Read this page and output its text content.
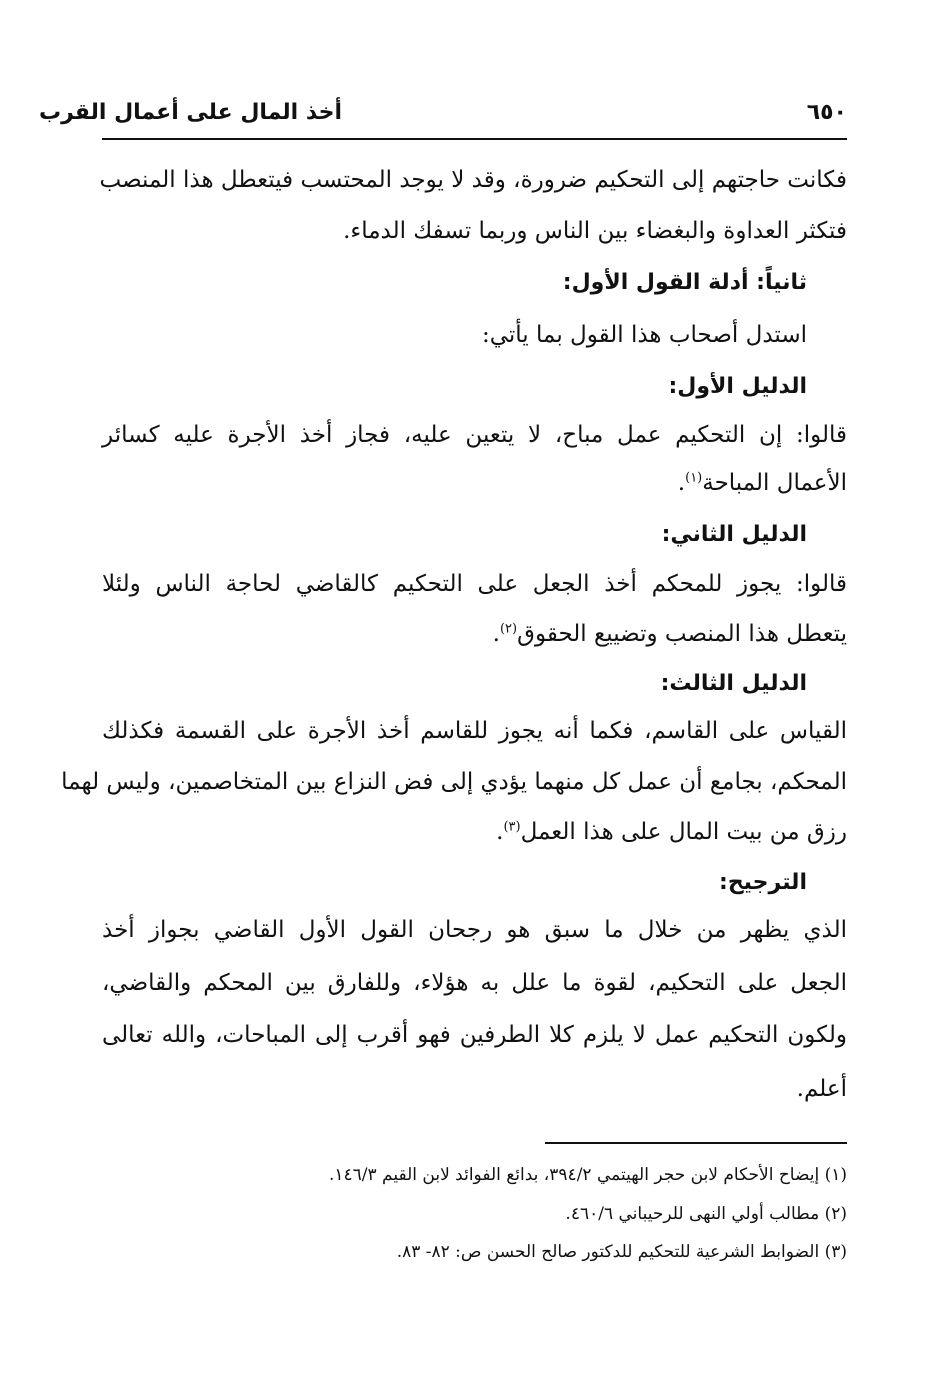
٦٥٠
أخذ المال على أعمال القرب
فكانت حاجتهم إلى التحكيم ضرورة، وقد لا يوجد المحتسب فيتعطل هذا المنصب
فتكثر العداوة والبغضاء بين الناس وربما تسفك الدماء.
ثانياً: أدلة القول الأول:
استدل أصحاب هذا القول بما يأتي:
الدليل الأول:
قالوا: إن التحكيم عمل مباح، لا يتعين عليه، فجاز أخذ الأجرة عليه كسائر
الأعمال المباحة$^{(١)}$.
الدليل الثاني:
قالوا: يجوز للمحكم أخذ الجعل على التحكيم كالقاضي لحاجة الناس ولئلا
يتعطل هذا المنصب وتضييع الحقوق$^{(٢)}$.
الدليل الثالث:
القياس على القاسم، فكما أنه يجوز للقاسم أخذ الأجرة على القسمة فكذلك
المحكم، بجامع أن عمل كل منهما يؤدي إلى فض النزاع بين المتخاصمين، وليس لهما
رزق من بيت المال على هذا العمل$^{(٣)}$.
الترجيح:
الذي يظهر من خلال ما سبق هو رجحان القول الأول القاضي بجواز أخذ
الجعل على التحكيم، لقوة ما علل به هؤلاء، وللفارق بين المحكم والقاضي،
ولكون التحكيم عمل لا يلزم كلا الطرفين فهو أقرب إلى المباحات، والله تعالى
أعلم.
(١) إيضاح الأحكام لابن حجر الهيتمي ٣٩٤/٢، بدائع الفوائد لابن القيم ١٤٦/٣.
(٢) مطالب أولي النهى للرحيباني ٤٦٠/٦.
(٣) الضوابط الشرعية للتحكيم للدكتور صالح الحسن ص: ٨٢- ٨٣.
